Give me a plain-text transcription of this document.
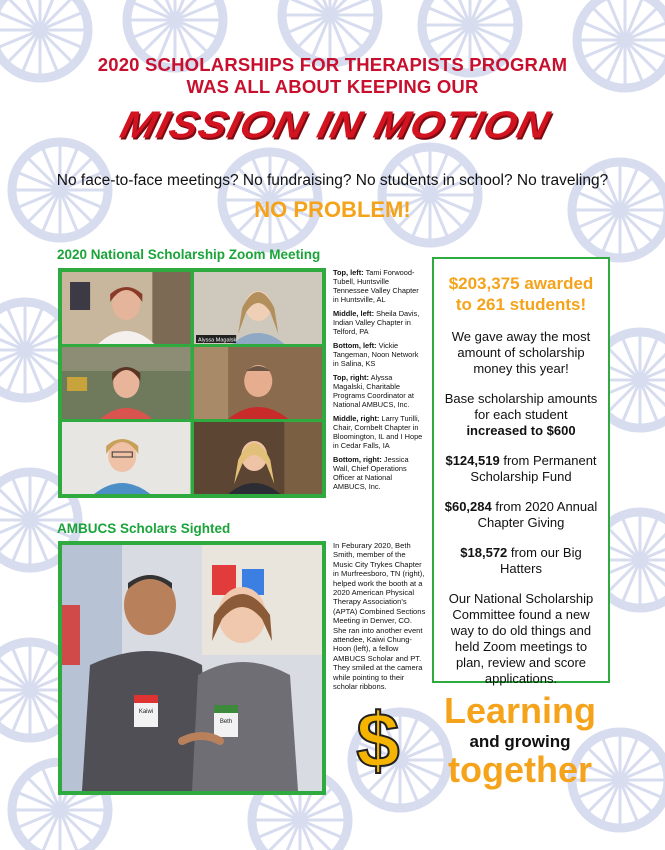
2020 SCHOLARSHIPS FOR THERAPISTS PROGRAM
WAS ALL ABOUT KEEPING OUR
MISSION IN MOTION
No face-to-face meetings? No fundraising? No students in school? No traveling?
NO PROBLEM!
2020 National Scholarship Zoom Meeting
Alyssa Magalski

Top, left: Tami Forwood-Tubell, Huntsville Tennessee Valley Chapter in Huntsville, AL

Middle, left: Sheila Davis, Indian Valley Chapter in Telford, PA

Bottom, left: Vickie Tangeman, Noon Network in Salina, KS

Top, right: Alyssa Magalski, Charitable Programs Coordinator at National AMBUCS, Inc.

Middle, right: Larry Turilli, Chair, Cornbelt Chapter in Bloomington, IL and I Hope in Cedar Falls, IA

Bottom, right: Jessica Wall, Chief Operations Officer at National AMBUCS, Inc.

AMBUCS Scholars Sighted
Kaiwi
Beth
In Feburary 2020, Beth Smith, member of the Music City Trykes Chapter in Murfreesboro, TN (right), helped work the booth at a 2020 American Physical Therapy Association's (APTA) Combined Sections Meeting in Denver, CO. She ran into another event attendee, Kaiwi Chung-Hoon (left), a fellow AMBUCS Scholar and PT. They smiled at the camera while pointing to their scholar ribbons.
$203,375 awarded to 261 students!
We gave away the most amount of scholarship money this year!
Base scholarship amounts for each student
increased to $600
$124,519 from Permanent Scholarship Fund
$60,284 from 2020 Annual Chapter Giving
$18,572 from our Big Hatters
Our National Scholarship Committee found a new way to do old things and held Zoom meetings to plan, review and score applications.
$	Learning
and growing
together
